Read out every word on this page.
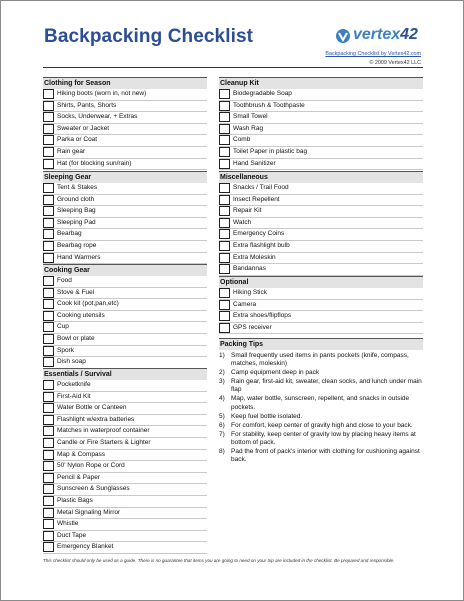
Backpacking Checklist	vertex42
Backpacking Checklist by Vertex42.com
© 2009 Vertex42 LLC
Clothing for Season
Hiking boots (worn in, not new)
Shirts, Pants, Shorts
Socks, Underwear, + Extras
Sweater or Jacket
Parka or Coat
Rain gear
Hat (for blocking sun/rain)
Sleeping Gear
Tent & Stakes
Ground cloth
Sleeping Bag
Sleeping Pad
Bearbag
Bearbag rope
Hand Warmers
Cooking Gear
Food
Stove & Fuel
Cook kit (pot,pan,etc)
Cooking utensils
Cup
Bowl or plate
Spork
Dish soap
Essentials / Survival
Pocketknife
First-Aid Kit
Water Bottle or Canteen
Flashlight w/extra batteries
Matches in waterproof container
Candle or Fire Starters & Lighter
Map & Compass
50' Nylon Rope or Cord
Pencil & Paper
Sunscreen & Sunglasses
Plastic Bags
Metal Signaling Mirror
Whistle
Duct Tape
Emergency Blanket
Cleanup Kit
Biodegradable Soap
Toothbrush & Toothpaste
Small Towel
Wash Rag
Comb
Toilet Paper in plastic bag
Hand Sanitizer
Miscellaneous
Snacks / Trail Food
Insect Repellent
Repair Kit
Watch
Emergency Coins
Extra flashlight bulb
Extra Moleskin
Bandannas
Optional
Hiking Stick
Camera
Extra shoes/flipflops
GPS receiver
Packing Tips
1) Small frequently used items in pants pockets (knife, compass, matches, moleskin)
2) Camp equipment deep in pack
3) Rain gear, first-aid kit, sweater, clean socks, and lunch under main flap
4) Map, water bottle, sunscreen, repellent, and snacks in outside pockets.
5) Keep fuel bottle isolated.
6) For comfort, keep center of gravity high and close to your back.
7) For stability, keep center of gravity low by placing heavy items at bottom of pack.
8) Pad the front of pack's interior with clothing for cushioning against back.
This checklist should only be used as a guide. There is no guarantee that items you are going to need on your trip are included in the checklist. Be prepared and responsible.
